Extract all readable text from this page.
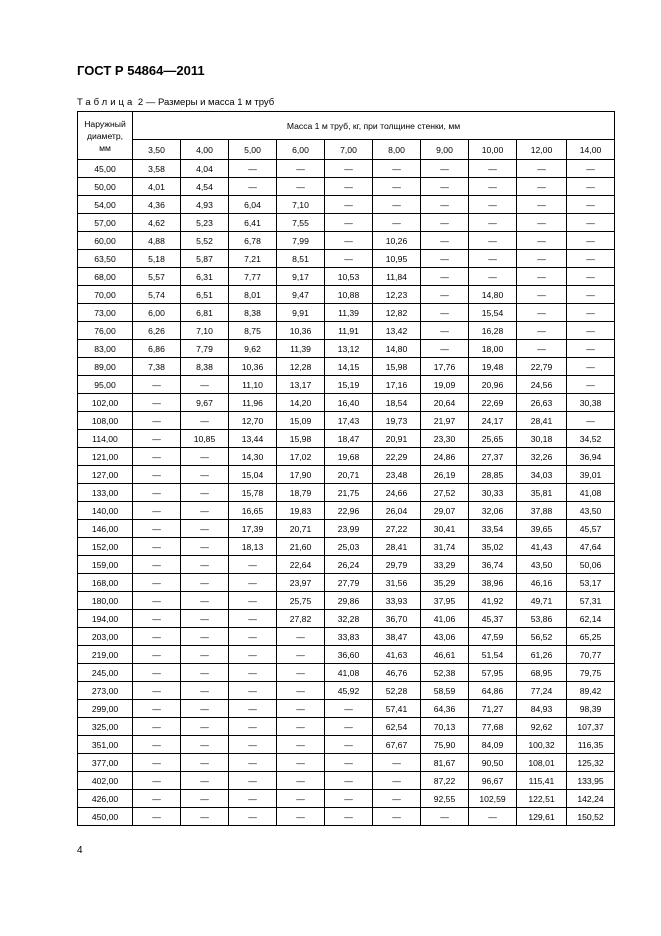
ГОСТ Р 54864—2011
Таблица 2 — Размеры и масса 1 м труб
Наружный
диаметр,
мм	Масса 1 м труб, кг, при толщине стенки, мм									
	3,50	4,00	5,00	6,00	7,00	8,00	9,00	10,00	12,00	14,00
45,00	3,58	4,04	—	—	—	—	—	—	—	—
50,00	4,01	4,54	—	—	—	—	—	—	—	—
54,00	4,36	4,93	6,04	7,10	—	—	—	—	—	—
57,00	4,62	5,23	6,41	7,55	—	—	—	—	—	—
60,00	4,88	5,52	6,78	7,99	—	10,26	—	—	—	—
63,50	5,18	5,87	7,21	8,51	—	10,95	—	—	—	—
68,00	5,57	6,31	7,77	9,17	10,53	11,84	—	—	—	—
70,00	5,74	6,51	8,01	9,47	10,88	12,23	—	14,80	—	—
73,00	6,00	6,81	8,38	9,91	11,39	12,82	—	15,54	—	—
76,00	6,26	7,10	8,75	10,36	11,91	13,42	—	16,28	—	—
83,00	6,86	7,79	9,62	11,39	13,12	14,80	—	18,00	—	—
89,00	7,38	8,38	10,36	12,28	14,15	15,98	17,76	19,48	22,79	—
95,00	—	—	11,10	13,17	15,19	17,16	19,09	20,96	24,56	—
102,00	—	9,67	11,96	14,20	16,40	18,54	20,64	22,69	26,63	30,38
108,00	—	—	12,70	15,09	17,43	19,73	21,97	24,17	28,41	—
114,00	—	10,85	13,44	15,98	18,47	20,91	23,30	25,65	30,18	34,52
121,00	—	—	14,30	17,02	19,68	22,29	24,86	27,37	32,26	36,94
127,00	—	—	15,04	17,90	20,71	23,48	26,19	28,85	34,03	39,01
133,00	—	—	15,78	18,79	21,75	24,66	27,52	30,33	35,81	41,08
140,00	—	—	16,65	19,83	22,96	26,04	29,07	32,06	37,88	43,50
146,00	—	—	17,39	20,71	23,99	27,22	30,41	33,54	39,65	45,57
152,00	—	—	18,13	21,60	25,03	28,41	31,74	35,02	41,43	47,64
159,00	—	—	—	22,64	26,24	29,79	33,29	36,74	43,50	50,06
168,00	—	—	—	23,97	27,79	31,56	35,29	38,96	46,16	53,17
180,00	—	—	—	25,75	29,86	33,93	37,95	41,92	49,71	57,31
194,00	—	—	—	27,82	32,28	36,70	41,06	45,37	53,86	62,14
203,00	—	—	—	—	33,83	38,47	43,06	47,59	56,52	65,25
219,00	—	—	—	—	36,60	41,63	46,61	51,54	61,26	70,77
245,00	—	—	—	—	41,08	46,76	52,38	57,95	68,95	79,75
273,00	—	—	—	—	45,92	52,28	58,59	64,86	77,24	89,42
299,00	—	—	—	—	—	57,41	64,36	71,27	84,93	98,39
325,00	—	—	—	—	—	62,54	70,13	77,68	92,62	107,37
351,00	—	—	—	—	—	67,67	75,90	84,09	100,32	116,35
377,00	—	—	—	—	—	—	81,67	90,50	108,01	125,32
402,00	—	—	—	—	—	—	87,22	96,67	115,41	133,95
426,00	—	—	—	—	—	—	92,55	102,59	122,51	142,24
450,00	—	—	—	—	—	—	—	—	129,61	150,52
4
